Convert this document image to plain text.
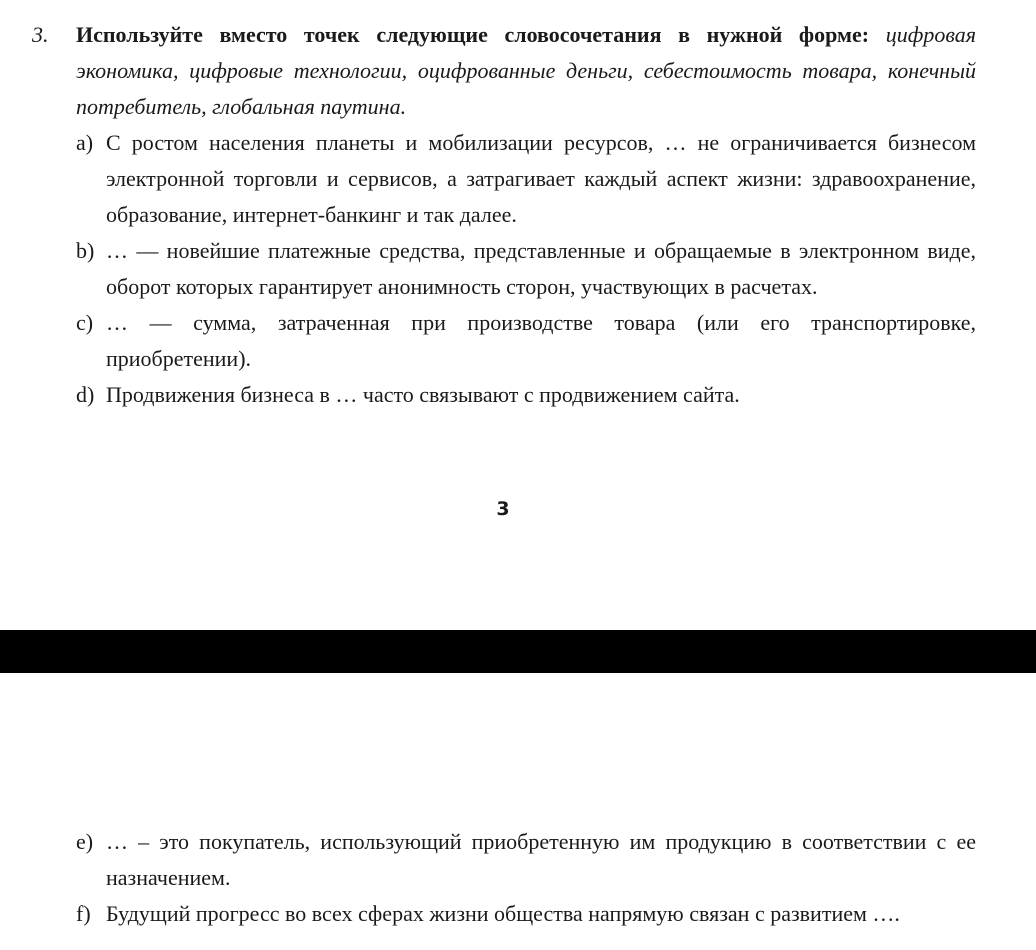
3. Используйте вместо точек следующие словосочетания в нужной форме: цифровая экономика, цифровые технологии, оцифрованные деньги, себестоимость товара, конечный потребитель, глобальная паутина.
a) С ростом населения планеты и мобилизации ресурсов, … не ограничивается бизнесом электронной торговли и сервисов, а затрагивает каждый аспект жизни: здравоохранение, образование, интернет-банкинг и так далее.
b) … — новейшие платежные средства, представленные и обращаемые в электронном виде, оборот которых гарантирует анонимность сторон, участвующих в расчетах.
c) … — сумма, затраченная при производстве товара (или его транспортировке, приобретении).
d) Продвижения бизнеса в … часто связывают с продвижением сайта.
3
e) … – это покупатель, использующий приобретенную им продукцию в соответствии с ее назначением.
f) Будущий прогресс во всех сферах жизни общества напрямую связан с развитием ….
